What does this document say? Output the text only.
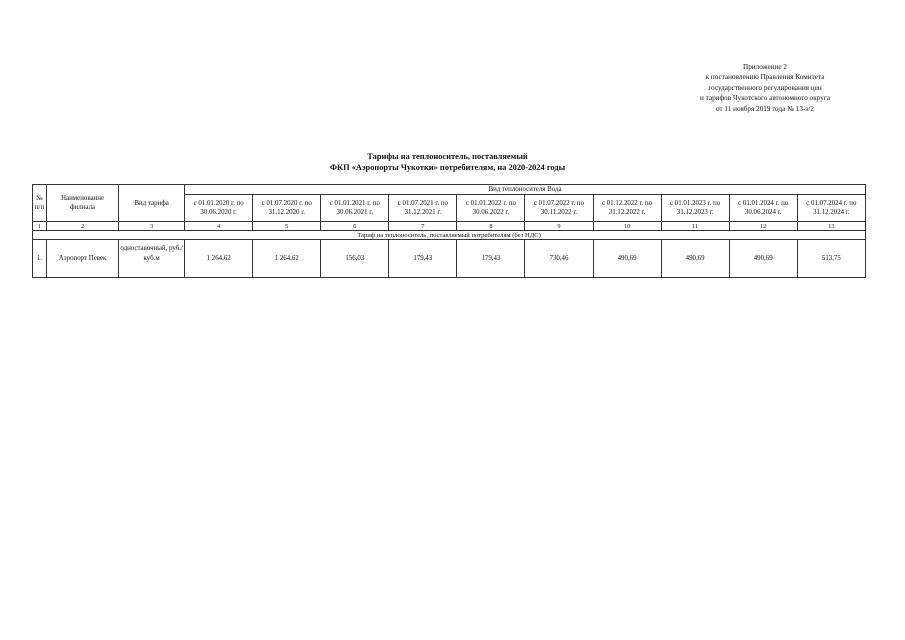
Приложение 2
к постановлению Правления Комитета
государственного регулирования цен
и тарифов Чукотского автономного округа
от 11 ноября 2019 года № 13-э/2
Тарифы на теплоноситель, поставляемый
ФКП «Аэропорты Чукотки» потребителям, на 2020-2024 годы
№ п/п	Наименоваине филиала	Вид тарифа	Вид теплоносителя Вода									
			с 01.01.2020 г. по 30.06.2020 г.	с 01.07.2020 г. по 31.12.2020 г.	с 01.01.2021 г. по 30.06.2021 г.	с 01.07.2021 г. по 31.12.2021 г.	с 01.01.2022 г. по 30.06.2022 г.	с 01.07.2022 г. по 30.11.2022 г.	с 01.12.2022 г. по 31.12.2022 г.	с 01.01.2023 г. по 31.12.2023 г.	с 01.01.2024 г. по 30.06.2024 г.	с 01.07.2024 г. по 31.12.2024 г.
1	2	3	4	5	6	7	8	9	10	11	12	13
Тариф на теплоноситель, поставляемый потребителям (без НДС)												
1.	Аэропорт Певек	одноставочный, руб./куб.м	1 264,62	1 264,62	156,03	179,43	179,43	730,46	490,69	490,69	490,69	513,75
